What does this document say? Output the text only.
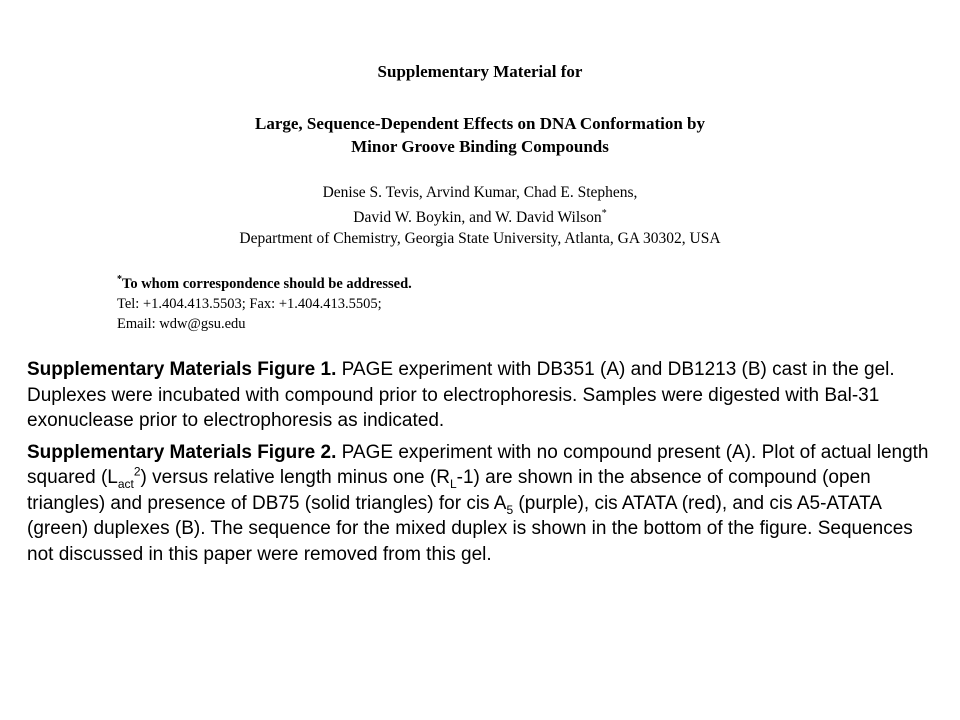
Supplementary Material for
Large, Sequence-Dependent Effects on DNA Conformation by
Minor Groove Binding Compounds
Denise S. Tevis, Arvind Kumar, Chad E. Stephens,
David W. Boykin, and W. David Wilson*
Department of Chemistry, Georgia State University, Atlanta, GA 30302, USA
*To whom correspondence should be addressed.
Tel: +1.404.413.5503; Fax: +1.404.413.5505;
Email: wdw@gsu.edu

Supplementary Materials Figure 1. PAGE experiment with DB351 (A) and DB1213 (B) cast in the gel. Duplexes were incubated with compound prior to electrophoresis. Samples were digested with Bal-31 exonuclease prior to electrophoresis as indicated.

Supplementary Materials Figure 2. PAGE experiment with no compound present (A). Plot of actual length squared $(L_{act}^2)$ versus relative length minus one $(R_L-1)$ are shown in the absence of compound (open triangles) and presence of DB75 (solid triangles) for cis $A_5$ (purple), cis ATATA (red), and cis A5-ATATA (green) duplexes (B). The sequence for the mixed duplex is shown in the bottom of the figure. Sequences not discussed in this paper were removed from this gel.
